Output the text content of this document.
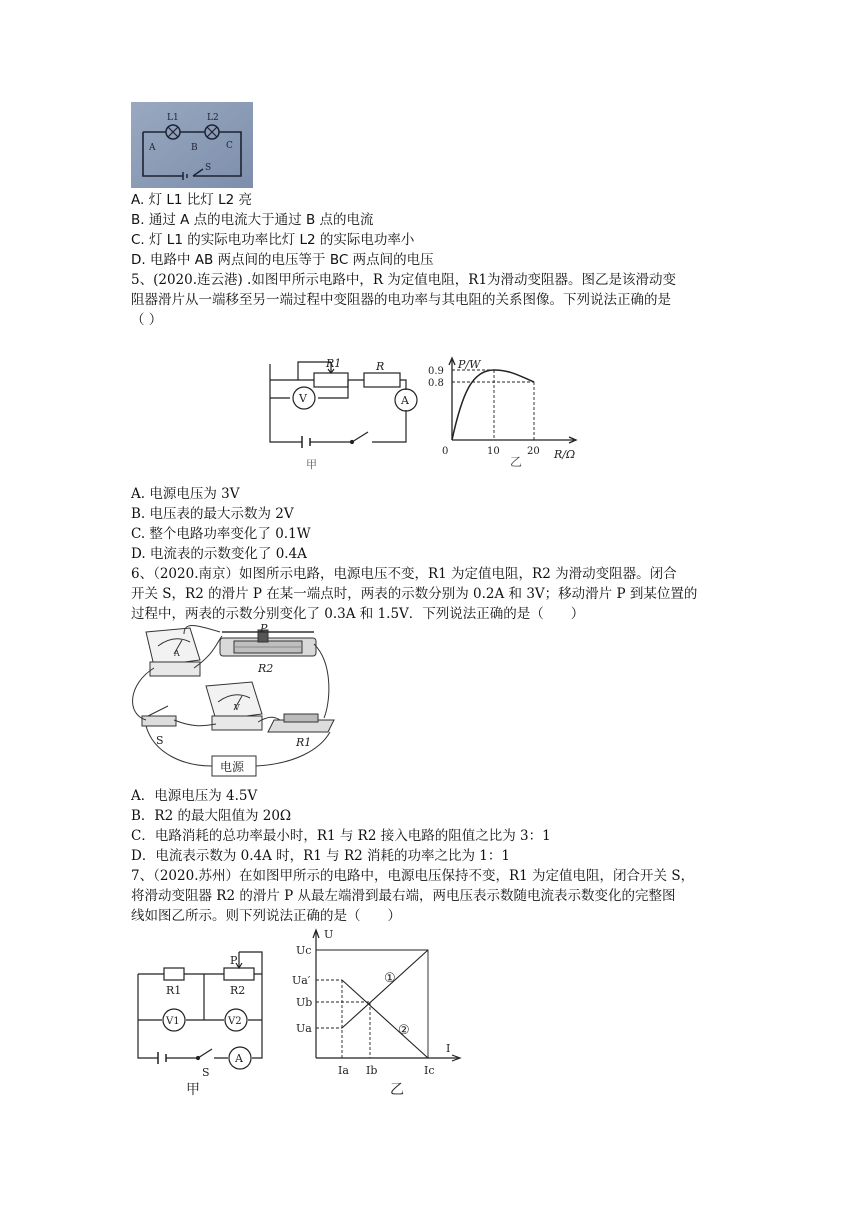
L1	L2
A	B	C
S
A. 灯 L1 比灯 L2 亮
B. 通过 A 点的电流大于通过 B 点的电流
C. 灯 L1 的实际电功率比灯 L2 的实际电功率小
D. 电路中 AB 两点间的电压等于 BC 两点间的电压
5、(2020.连云港) .如图甲所示电路中，R 为定值电阻，R1为滑动变阻器。图乙是该滑动变
阻器滑片从一端移至另一端过程中变阻器的电功率与其电阻的关系图像。下列说法正确的是
（ ）
R1	R
V	A
甲
P/W
0.9
0.8
0	10	20 R/Ω
乙
A. 电源电压为 3V
B. 电压表的最大示数为 2V
C. 整个电路功率变化了 0.1W
D. 电流表的示数变化了 0.4A
6、（2020.南京）如图所示电路，电源电压不变，R1 为定值电阻，R2 为滑动变阻器。闭合
开关 S，R2 的滑片 P 在某一端点时，两表的示数分别为 0.2A 和 3V；移动滑片 P 到某位置的
过程中，两表的示数分别变化了 0.3A 和 1.5V．下列说法正确的是（　　）
A
V
P
R2
R1
S
电源
A．电源电压为 4.5V
B．R2 的最大阻值为 20Ω
C．电路消耗的总功率最小时，R1 与 R2 接入电路的阻值之比为 3：1
D．电流表示数为 0.4A 时，R1 与 R2 消耗的功率之比为 1：1
7、（2020.苏州）在如图甲所示的电路中，电源电压保持不变，R1 为定值电阻，闭合开关 S，
将滑动变阻器 R2 的滑片 P 从最左端滑到最右端，两电压表示数随电流表示数变化的完整图
线如图乙所示。则下列说法正确的是（　　）
P
R1	R2
V1	V2
S
A
甲
U
Uc
Ua′
Ub
Ua
Ia Ib	Ic
I
①
②
乙
